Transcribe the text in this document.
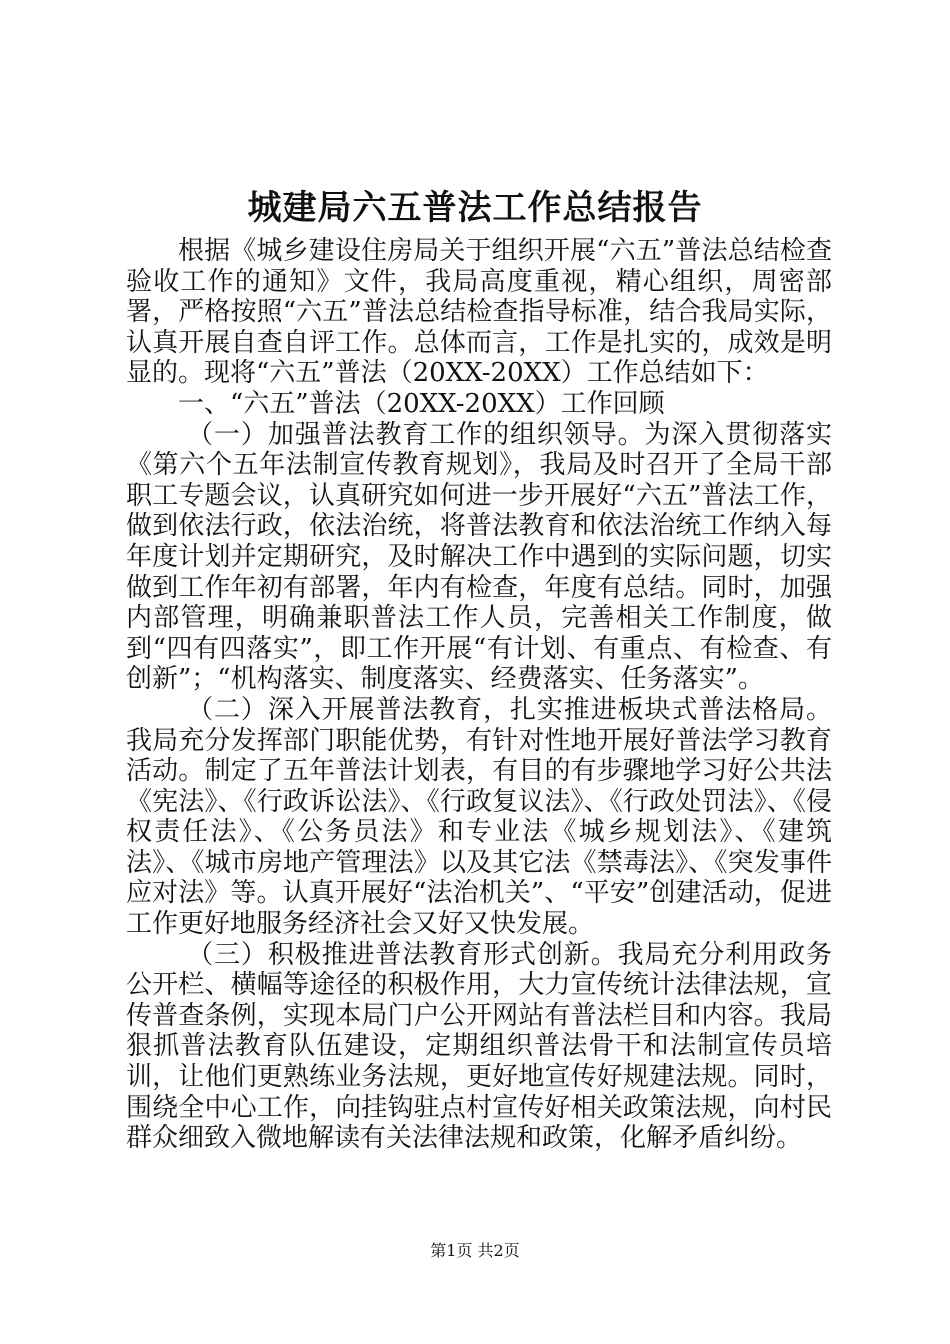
城建局六五普法工作总结报告

根据《城乡建设住房局关于组织开展“六五”普法总结检查验收工作的通知》文件，我局高度重视，精心组织，周密部署，严格按照“六五”普法总结检查指导标准，结合我局实际，认真开展自查自评工作。总体而言，工作是扎实的，成效是明显的。现将“六五”普法（20XX-20XX）工作总结如下：

一、“六五”普法（20XX-20XX）工作回顾

（一）加强普法教育工作的组织领导。为深入贯彻落实《第六个五年法制宣传教育规划》，我局及时召开了全局干部职工专题会议，认真研究如何进一步开展好“六五”普法工作，做到依法行政，依法治统，将普法教育和依法治统工作纳入每年度计划并定期研究，及时解决工作中遇到的实际问题，切实做到工作年初有部署，年内有检查，年度有总结。同时，加强内部管理，明确兼职普法工作人员，完善相关工作制度，做到“四有四落实”，即工作开展“有计划、有重点、有检查、有创新”；“机构落实、制度落实、经费落实、任务落实”。

（二）深入开展普法教育，扎实推进板块式普法格局。我局充分发挥部门职能优势，有针对性地开展好普法学习教育活动。制定了五年普法计划表，有目的有步骤地学习好公共法《宪法》、《行政诉讼法》、《行政复议法》、《行政处罚法》、《侵权责任法》、《公务员法》和专业法《城乡规划法》、《建筑法》、《城市房地产管理法》以及其它法《禁毒法》、《突发事件应对法》等。认真开展好“法治机关”、“平安”创建活动，促进工作更好地服务经济社会又好又快发展。

（三）积极推进普法教育形式创新。我局充分利用政务公开栏、横幅等途径的积极作用，大力宣传统计法律法规，宣传普查条例，实现本局门户公开网站有普法栏目和内容。我局狠抓普法教育队伍建设，定期组织普法骨干和法制宣传员培训，让他们更熟练业务法规，更好地宣传好规建法规。同时，围绕全中心工作，向挂钩驻点村宣传好相关政策法规，向村民群众细致入微地解读有关法律法规和政策，化解矛盾纠纷。

第1页 共2页
